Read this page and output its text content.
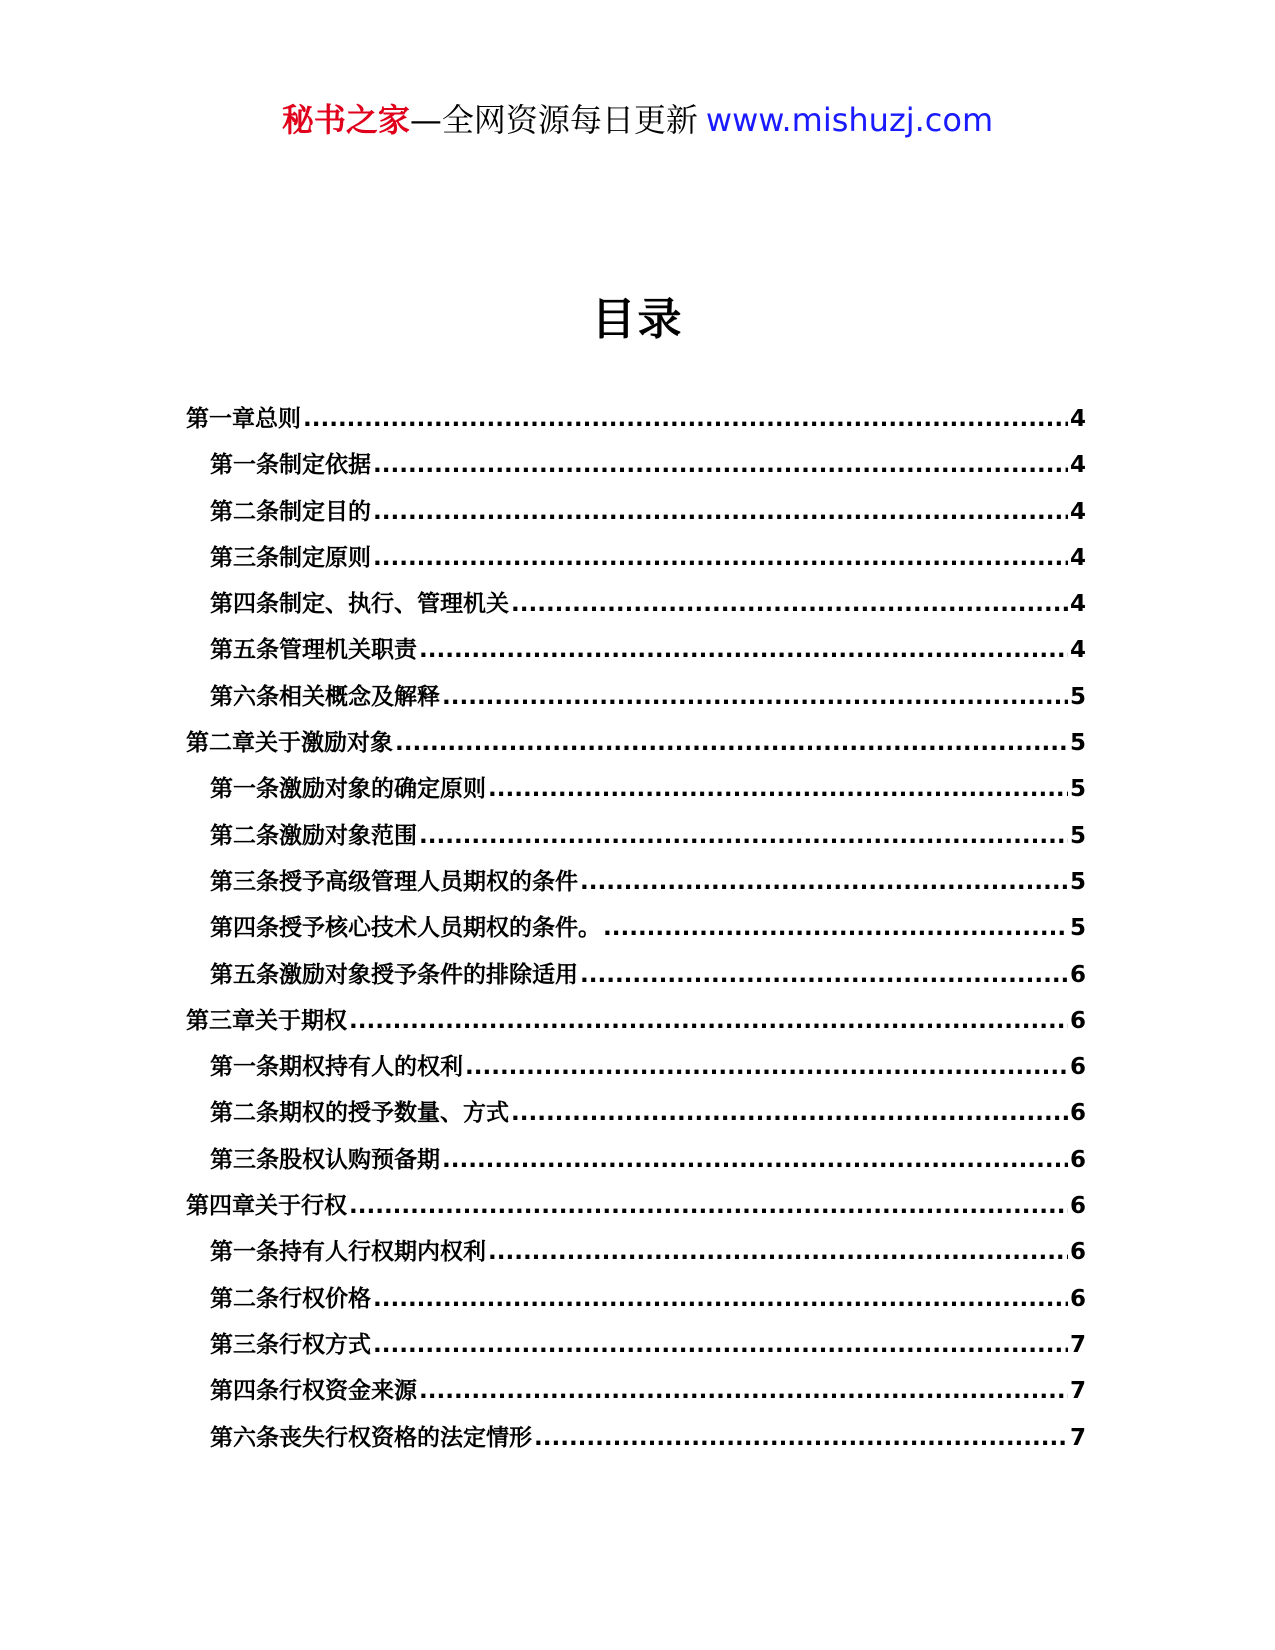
秘书之家—全网资源每日更新 www.mishuzj.com
目录
第一章总则 .....	4
第一条制定依据 .....	4
第二条制定目的 .....	4
第三条制定原则 .....	4
第四条制定、执行、管理机关 .....	4
第五条管理机关职责 .....	4
第六条相关概念及解释 .....	5
第二章关于激励对象 .....	5
第一条激励对象的确定原则 .....	5
第二条激励对象范围 .....	5
第三条授予高级管理人员期权的条件 .....	5
第四条授予核心技术人员期权的条件。 .....	5
第五条激励对象授予条件的排除适用 .....	6
第三章关于期权 .....	6
第一条期权持有人的权利 .....	6
第二条期权的授予数量、方式 .....	6
第三条股权认购预备期 .....	6
第四章关于行权 .....	6
第一条持有人行权期内权利 .....	6
第二条行权价格 .....	6
第三条行权方式 .....	7
第四条行权资金来源 .....	7
第六条丧失行权资格的法定情形 .....	7
